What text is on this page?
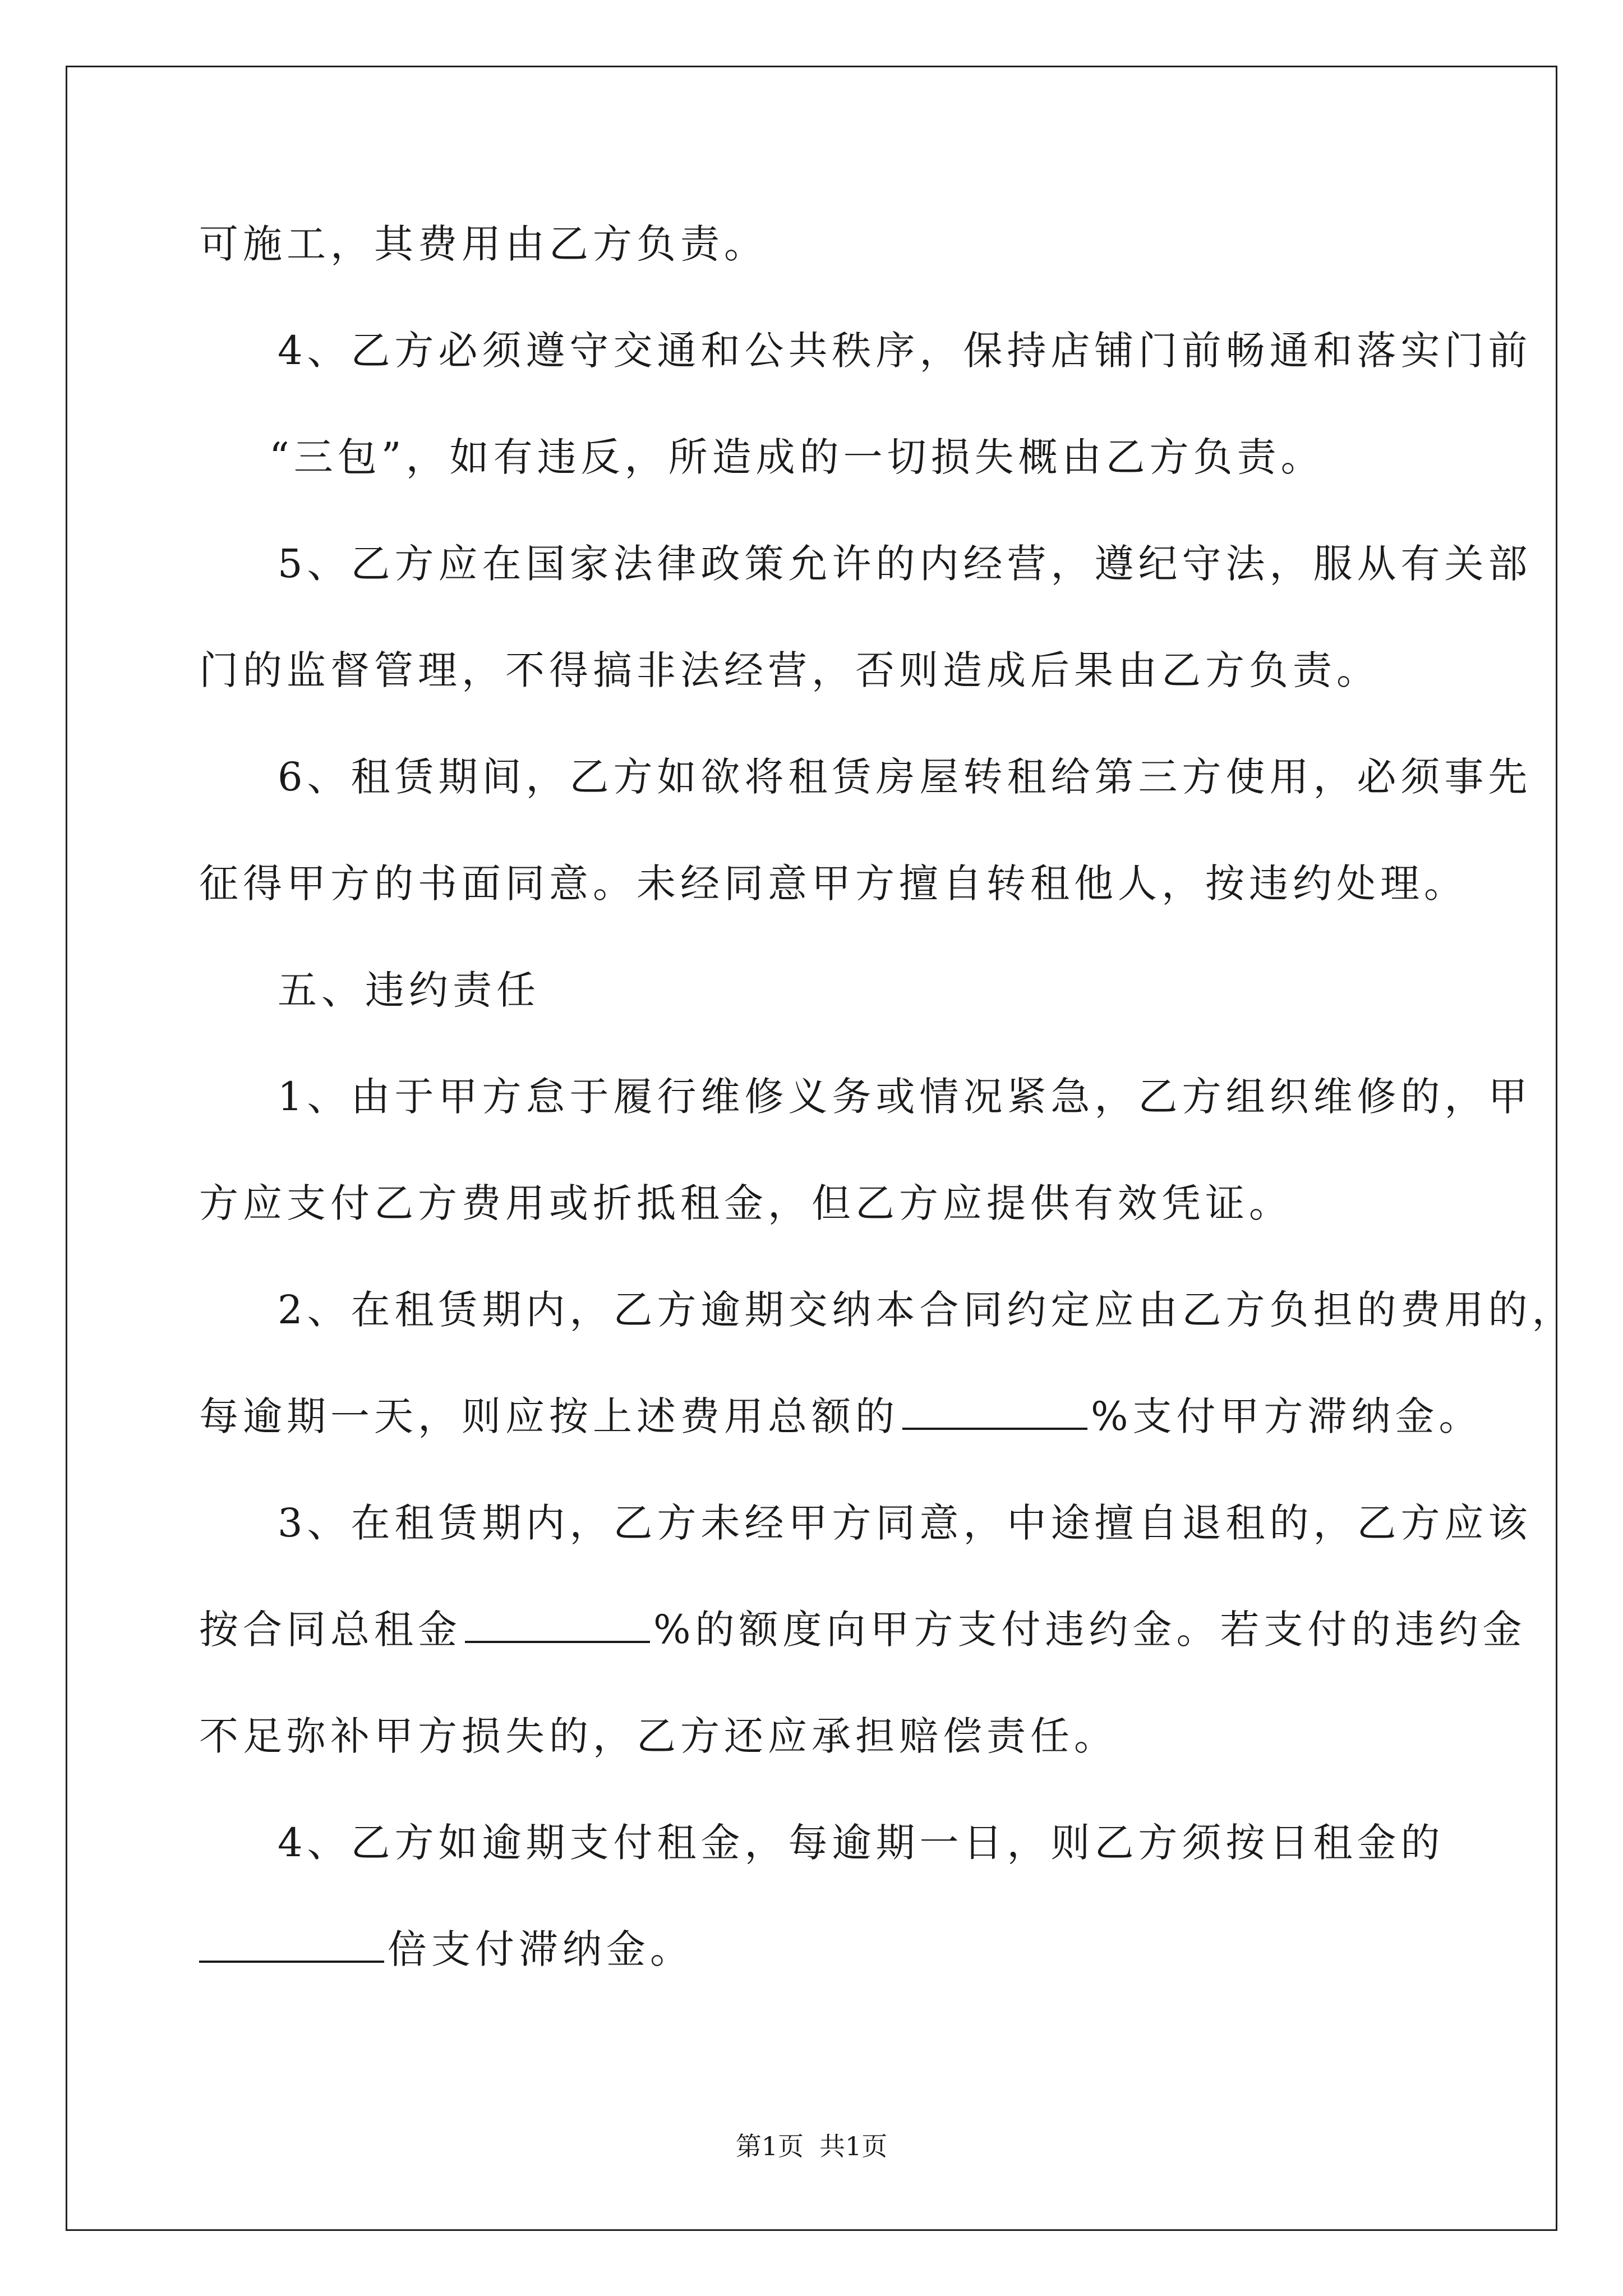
可施工，其费用由乙方负责。

4、乙方必须遵守交通和公共秩序，保持店铺门前畅通和落实门前

“三包”，如有违反，所造成的一切损失概由乙方负责。

5、乙方应在国家法律政策允许的内经营，遵纪守法，服从有关部

门的监督管理，不得搞非法经营，否则造成后果由乙方负责。

6、租赁期间，乙方如欲将租赁房屋转租给第三方使用，必须事先

征得甲方的书面同意。未经同意甲方擅自转租他人，按违约处理。

五、违约责任

1、由于甲方怠于履行维修义务或情况紧急，乙方组织维修的，甲

方应支付乙方费用或折抵租金，但乙方应提供有效凭证。

2、在租赁期内，乙方逾期交纳本合同约定应由乙方负担的费用的，

每逾期一天，则应按上述费用总额的	%支付甲方滞纳金。

3、在租赁期内，乙方未经甲方同意，中途擅自退租的，乙方应该

按合同总租金	%的额度向甲方支付违约金。若支付的违约金

不足弥补甲方损失的，乙方还应承担赔偿责任。

4、乙方如逾期支付租金，每逾期一日，则乙方须按日租金的

倍支付滞纳金。

第1页 共1页
